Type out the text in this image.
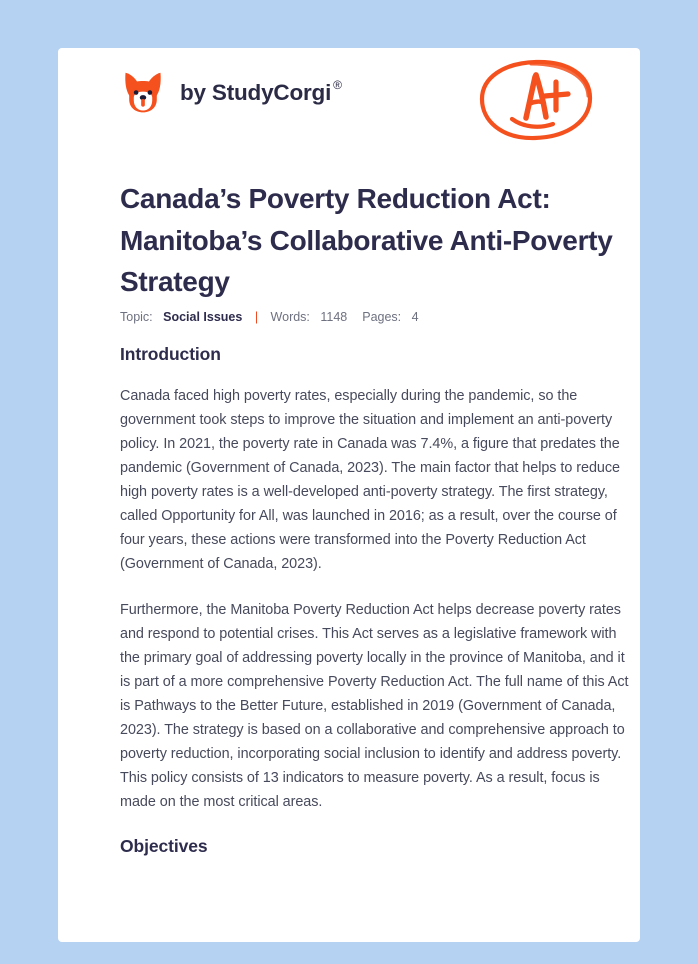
by StudyCorgi ®
Canada’s Poverty Reduction Act: Manitoba’s Collaborative Anti-Poverty Strategy
Topic: Social Issues | Words: 1148 Pages: 4
Introduction

Canada faced high poverty rates, especially during the pandemic, so the government took steps to improve the situation and implement an anti-poverty policy. In 2021, the poverty rate in Canada was 7.4%, a figure that predates the pandemic (Government of Canada, 2023). The main factor that helps to reduce high poverty rates is a well-developed anti-poverty strategy. The first strategy, called Opportunity for All, was launched in 2016; as a result, over the course of four years, these actions were transformed into the Poverty Reduction Act (Government of Canada, 2023).

Furthermore, the Manitoba Poverty Reduction Act helps decrease poverty rates and respond to potential crises. This Act serves as a legislative framework with the primary goal of addressing poverty locally in the province of Manitoba, and it is part of a more comprehensive Poverty Reduction Act. The full name of this Act is Pathways to the Better Future, established in 2019 (Government of Canada, 2023). The strategy is based on a collaborative and comprehensive approach to poverty reduction, incorporating social inclusion to identify and address poverty. This policy consists of 13 indicators to measure poverty. As a result, focus is made on the most critical areas.

Objectives
